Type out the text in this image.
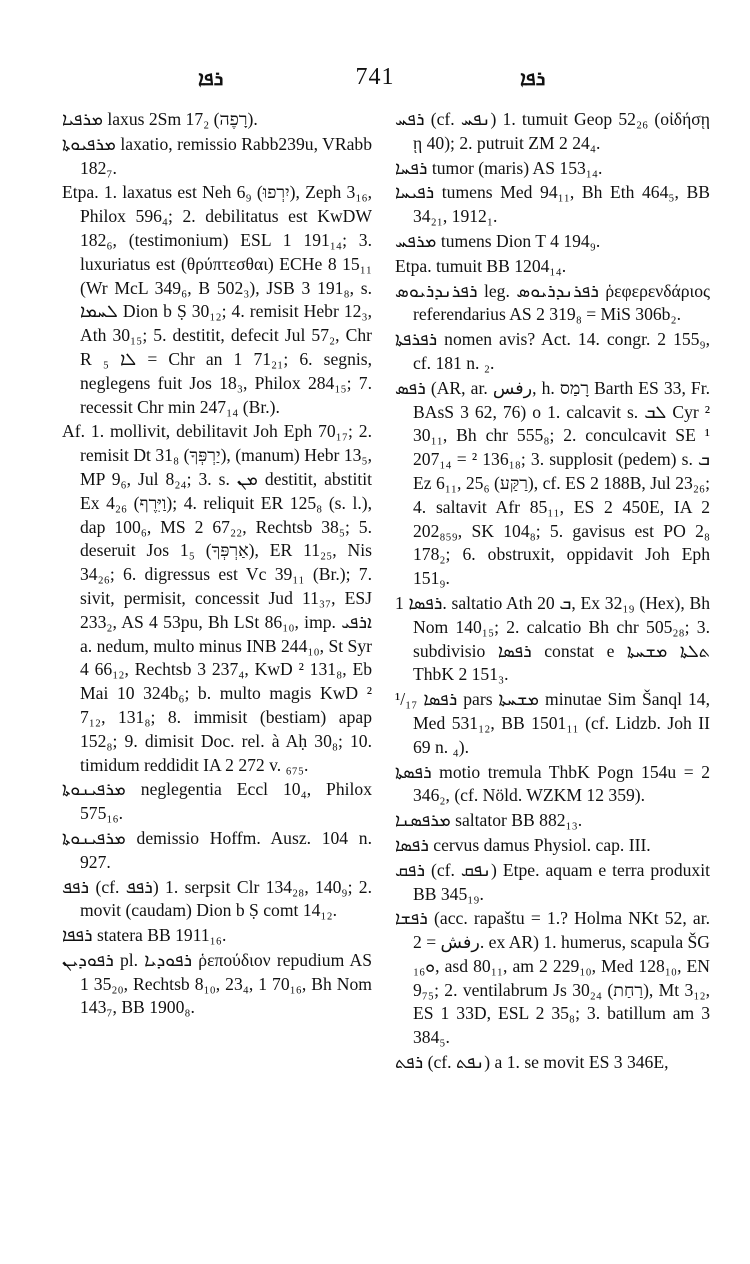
ܪܦܐ	741	ܪܦܐ

ܡܪܦܝܐ laxus 2Sm 17₂ (רָפֶה).

ܡܪܦܝܘܬܐ laxatio, remissio Rabb239u, VRabb 182₇.

Etpa. 1. laxatus est Neh 6₉ (יִרְפוּ), Zeph 3₁₆, Philox 596₄; 2. debilitatus est KwDW 182₆, (testimonium) ESL 1 191₁₄; 3. luxuriatus est (θρύπτεσθαι) ECHe 8 15₁₁ (Wr McL 349₆, B 502₃), JSB 3 191₈, s. ܠܚܡܐ Dion b Ṣ 30₁₂; 4. remisit Hebr 12₃, Ath 30₁₅; 5. destitit, defecit Jul 57₂, Chr R ܠܐ ₅ = Chr an 1 71₂₁; 6. segnis, neglegens fuit Jos 18₃, Philox 284₁₅; 7. recessit Chr min 247₁₄ (Br.).

Af. 1. mollivit, debilitavit Joh Eph 70₁₇; 2. remisit Dt 31₈ (יַרְפְּךָ), (manum) Hebr 13₅, MP 9₆, Jul 8₂₄; 3. s. ܡܢ destitit, abstitit Ex 4₂₆ (וַיִּרֶף); 4. reliquit ER 125₈ (s. l.), dap 100₆, MS 2 67₂₂, Rechtsb 38₅; 5. deseruit Jos 1₅ (אַרְפְּךָ), ER 11₂₅, Nis 34₂₆; 6. digressus est Vc 39₁₁ (Br.); 7. sivit, permisit, concessit Jud 11₃₇, ESJ 233₂, AS 4 53pu, Bh LSt 86₁₀, imp. ܐܪܦܝ a. nedum, multo minus INB 244₁₀, St Syr 4 66₁₂, Rechtsb 3 237₄, KwD ² 131₈, Eb Mai 10 324b₆; b. multo magis KwD ² 7₁₂, 131₈; 8. immisit (bestiam) apap 152₈; 9. dimisit Doc. rel. à Aḥ 30₈; 10. timidum reddidit IA 2 272 v. ₆₇₅.

ܡܪܦܝܢܘܬܐ neglegentia Eccl 10₄, Philox 575₁₆.

ܡܪܦܝܢܘܬܐ demissio Hoffm. Ausz. 104 n. 927.

ܪܦܦ (cf. ܪܦܦ) 1. serpsit Clr 134₂₈, 140₉; 2. movit (caudam) Dion b Ṣ comt 14₁₂.

ܪܦܦܐ statera BB 1911₁₆.

ܪܦܘܕܝܢ pl. ܪܦܘܕܝܐ ῥεπούδιον repudium AS 1 35₂₀, Rechtsb 8₁₀, 23₄, 1 70₁₆, Bh Nom 143₇, BB 1900₈.

ܪܦܚ (cf. ܢܦܚ) 1. tumuit Geop 52₂₆ (οἰδήσῃ ῃ 40); 2. putruit ZM 2 24₄.

ܪܦܚܐ tumor (maris) AS 153₁₄.

ܪܦܝܚܐ tumens Med 94₁₁, Bh Eth 464₅, BB 34₂₁, 1912₁.

ܡܪܦܚ tumens Dion T 4 194₉.

Etpa. tumuit BB 1204₁₄.

ܪܦܪܢܕܪܝܘܣ leg. ܪܦܪܢܕܪܝܘܣ ῥεφερενδάριος referendarius AS 2 319₈ = MiS 306b₂.

ܪܦܪܦܬܐ nomen avis? Act. 14. congr. 2 155₉, cf. 181 n. ₂.

ܪܦܣ (AR, ar. رفس, h. רָמַס Barth ES 33, Fr. BAsS 3 62, 76) o 1. calcavit s. ܠܒ Cyr ² 30₁₁, Bh chr 555₈; 2. conculcavit SE ¹ 207₁₄ = ² 136₁₈; 3. supplosit (pedem) s. ܒ Ez 6₁₁, 25₆ (רַקַּע), cf. ES 2 188B, Jul 23₂₆; 4. saltavit Afr 85₁₁, ES 2 450E, IA 2 202₈₅₉, SK 104₈; 5. gavisus est PO 2₈ 178₂; 6. obstruxit, oppidavit Joh Eph 151₉.

ܪܦܣܐ 1. saltatio Ath ܒ 20, Ex 32₁₉ (Hex), Bh Nom 140₁₅; 2. calcatio Bh chr 505₂₈; 3. subdivisio ܪܦܣܐ constat e ܬܠܬܐ ܡܫܚܬܐ ThbK 2 151₃.

ܪܦܣܐ ¹/₁₇ pars ܡܫܚܬܐ minutae Sim Šanql 14, Med 531₁₂, BB 1501₁₁ (cf. Lidzb. Joh II 69 n. ₄).

ܪܦܣܬܐ motio tremula ThbK Pogn 154u = 2 346₂, (cf. Nöld. WZKM 12 359).

ܡܪܦܣܢܐ saltator BB 882₁₃.

ܪܦܣܐ cervus damus Physiol. cap. III.

ܪܦܩ (cf. ܢܦܩ) Etpe. aquam e terra produxit BB 345₁₉.

ܪܦܫܐ (acc. rapaštu = 1.? Holma NKt 52, ar. رفش = 2. ex AR) 1. humerus, scapula ŠG ܘ₁₆, asd 80₁₁, am 2 229₁₀, Med 128₁₀, EN 9₇₅; 2. ventilabrum Js 30₂₄ (רַחַת), Mt 3₁₂, ES 1 33D, ESL 2 35₈; 3. batillum am 3 384₅.

ܪܦܬ (cf. ܢܦܬ) a 1. se movit ES 3 346E,
